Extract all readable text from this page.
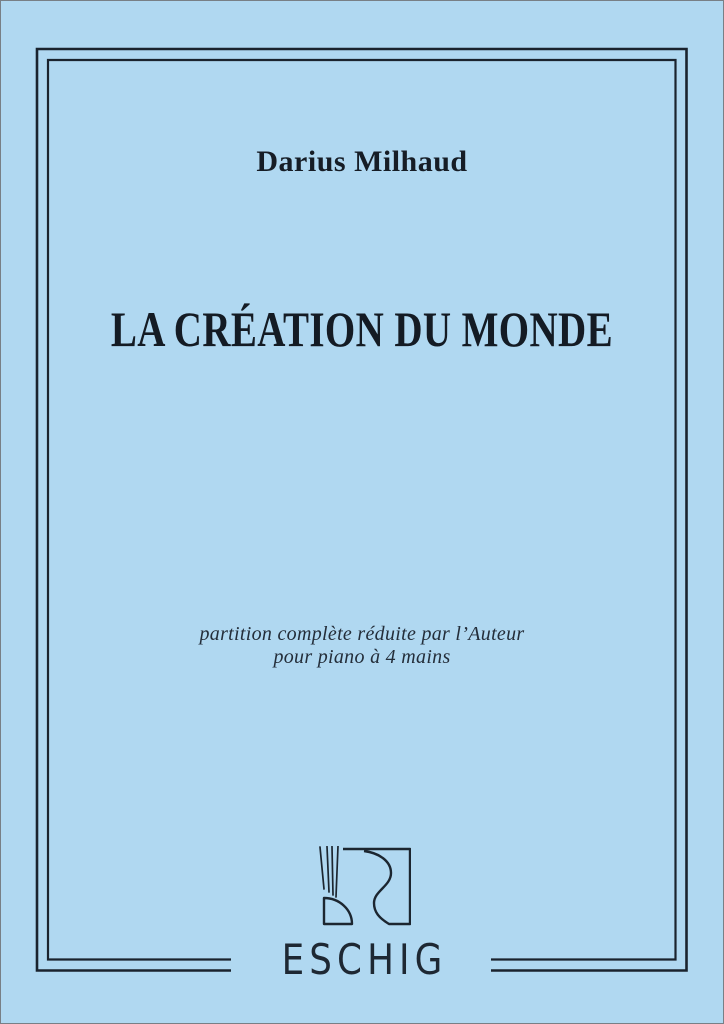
Darius Milhaud
LA CRÉATION DU MONDE
partition complète réduite par l’Auteur
pour piano à 4 mains
ESCHIG
